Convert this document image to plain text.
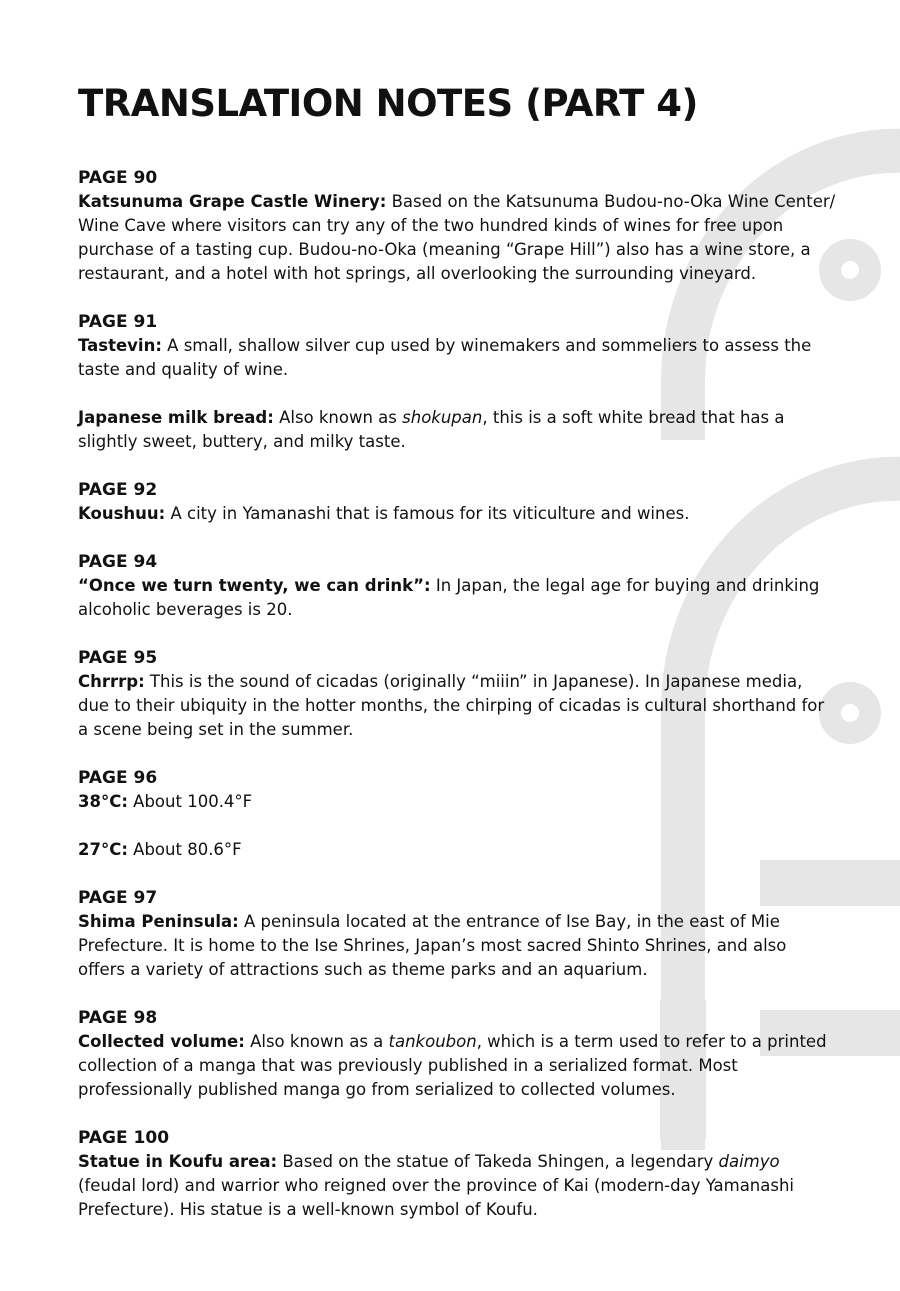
TRANSLATION NOTES (PART 4)
PAGE 90
Katsunuma Grape Castle Winery: Based on the Katsunuma Budou-no-Oka Wine Center/ Wine Cave where visitors can try any of the two hundred kinds of wines for free upon purchase of a tasting cup. Budou-no-Oka (meaning “Grape Hill”) also has a wine store, a restaurant, and a hotel with hot springs, all overlooking the surrounding vineyard.
PAGE 91
Tastevin: A small, shallow silver cup used by winemakers and sommeliers to assess the taste and quality of wine.
Japanese milk bread: Also known as shokupan, this is a soft white bread that has a slightly sweet, buttery, and milky taste.
PAGE 92
Koushuu: A city in Yamanashi that is famous for its viticulture and wines.
PAGE 94
“Once we turn twenty, we can drink”: In Japan, the legal age for buying and drinking alcoholic beverages is 20.
PAGE 95
Chrrrp: This is the sound of cicadas (originally “miiin” in Japanese). In Japanese media, due to their ubiquity in the hotter months, the chirping of cicadas is cultural shorthand for a scene being set in the summer.
PAGE 96
38°C: About 100.4°F
27°C: About 80.6°F
PAGE 97
Shima Peninsula: A peninsula located at the entrance of Ise Bay, in the east of Mie Prefecture. It is home to the Ise Shrines, Japan’s most sacred Shinto Shrines, and also offers a variety of attractions such as theme parks and an aquarium.
PAGE 98
Collected volume: Also known as a tankoubon, which is a term used to refer to a printed collection of a manga that was previously published in a serialized format. Most professionally published manga go from serialized to collected volumes.
PAGE 100
Statue in Koufu area: Based on the statue of Takeda Shingen, a legendary daimyo (feudal lord) and warrior who reigned over the province of Kai (modern-day Yamanashi Prefecture). His statue is a well-known symbol of Koufu.
